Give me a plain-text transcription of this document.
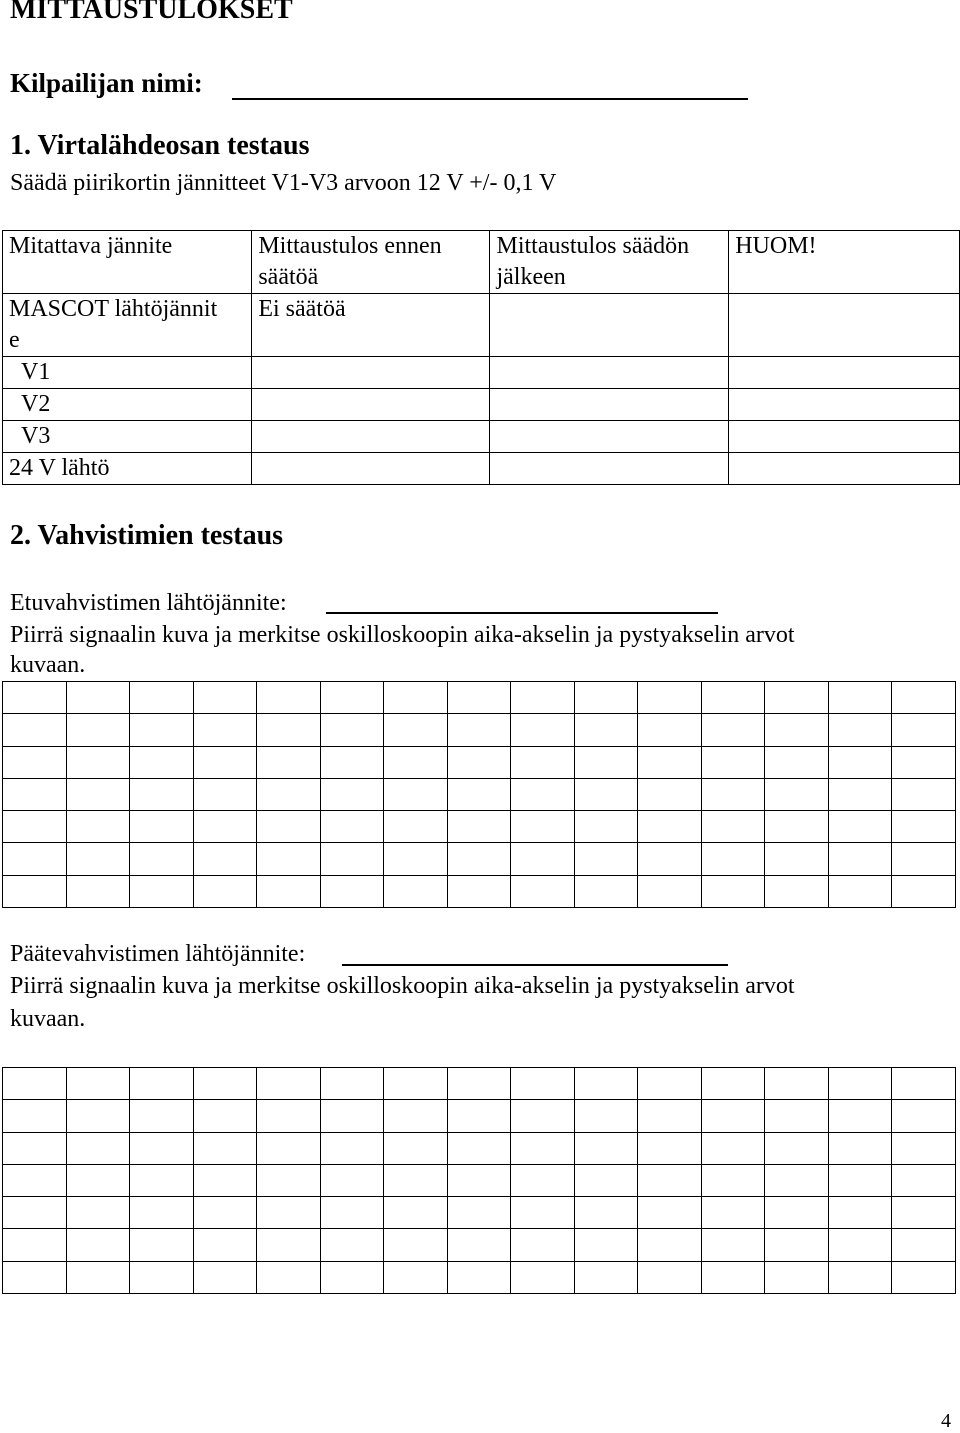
MITTAUSTULOKSET
Kilpailijan nimi:
1. Virtalähdeosan testaus
Säädä piirikortin jännitteet V1-V3 arvoon 12 V +/- 0,1 V
Mitattava jännite	Mittaustulos ennen säätöä	Mittaustulos säädön jälkeen	HUOM!

MASCOT lähtöjännite	Ei säätöä		
V1			
V2			
V3			
24 V lähtö			
2. Vahvistimien testaus
Etuvahvistimen lähtöjännite:
Piirrä signaalin kuva ja merkitse oskilloskoopin aika-akselin ja pystyakselin arvot
kuvaan.
Päätevahvistimen lähtöjännite:
Piirrä signaalin kuva ja merkitse oskilloskoopin aika-akselin ja pystyakselin arvot
kuvaan.
4
